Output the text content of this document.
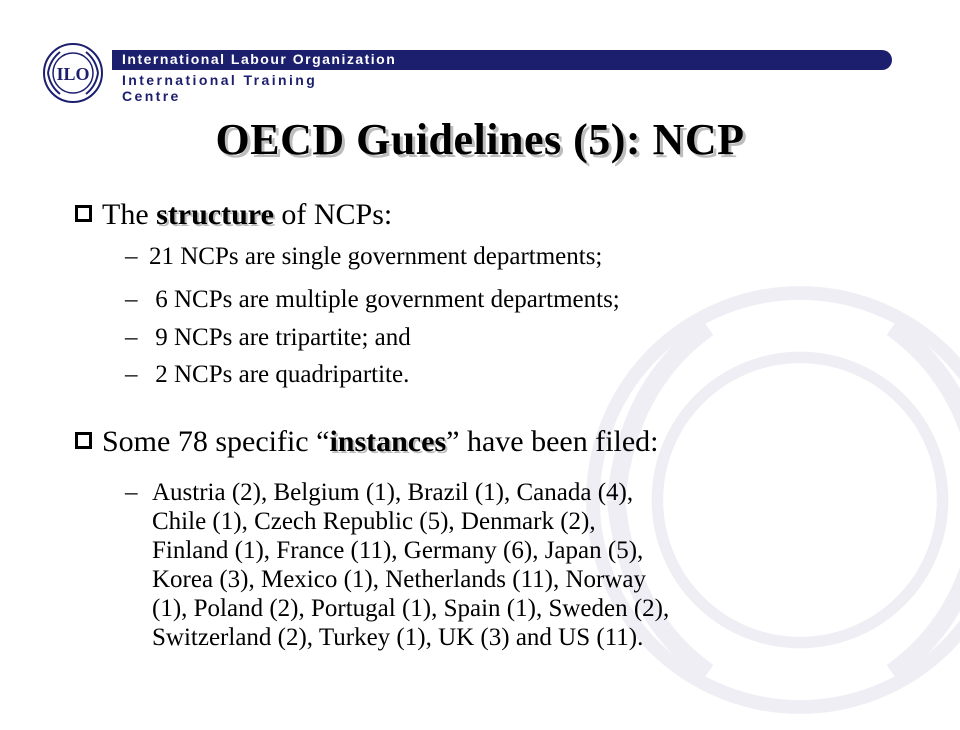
ILO
International Labour Organization
International Training Centre
OECD Guidelines (5): NCP
The structure of NCPs:
– 21 NCPs are single government departments;
– 6 NCPs are multiple government departments;
– 9 NCPs are tripartite; and
– 2 NCPs are quadripartite.
Some 78 specific “instances” have been filed:
– Austria (2), Belgium (1), Brazil (1), Canada (4),
Chile (1), Czech Republic (5), Denmark (2),
Finland (1), France (11), Germany (6), Japan (5),
Korea (3), Mexico (1), Netherlands (11), Norway
(1), Poland (2), Portugal (1), Spain (1), Sweden (2),
Switzerland (2), Turkey (1), UK (3) and US (11).
